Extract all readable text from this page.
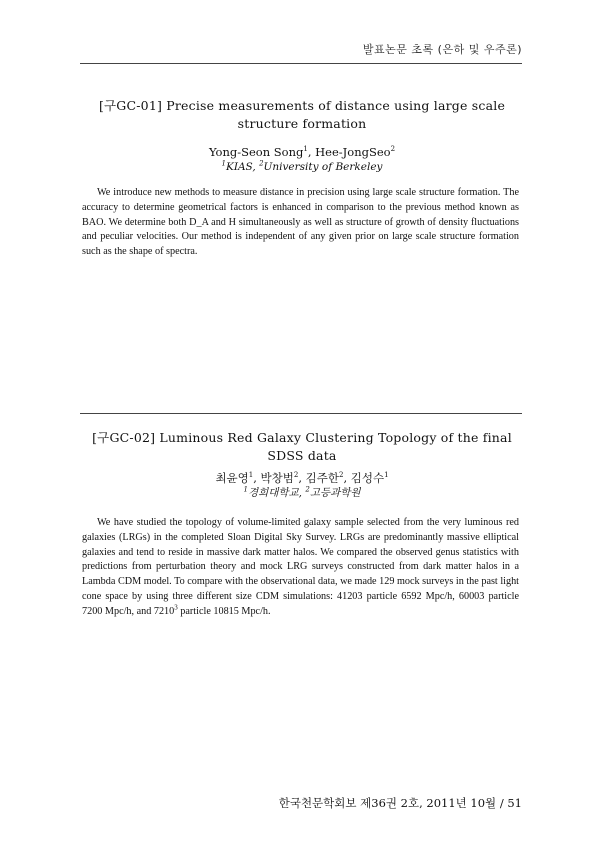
발표논문 초록 (은하 및 우주론)
[구GC-01] Precise measurements of distance using large scale structure formation
Yong-Seon Song$^1$, Hee-JongSeo$^2$
$^1$KIAS, $^2$University of Berkeley
We introduce new methods to measure distance in precision using large scale structure formation. The accuracy to determine geometrical factors is enhanced in comparison to the previous method known as BAO. We determine both D_A and H simultaneously as well as structure of growth of density fluctuations and peculiar velocities. Our method is independent of any given prior on large scale structure formation such as the shape of spectra.
[구GC-02] Luminous Red Galaxy Clustering Topology of the final SDSS data
최윤영$^1$, 박창범$^2$, 김주한$^2$, 김성수$^1$
$^1$경희대학교, $^2$고등과학원
We have studied the topology of volume-limited galaxy sample selected from the very luminous red galaxies (LRGs) in the completed Sloan Digital Sky Survey. LRGs are predominantly massive elliptical galaxies and tend to reside in massive dark matter halos. We compared the observed genus statistics with predictions from perturbation theory and mock LRG surveys constructed from dark matter halos in a Lambda CDM model. To compare with the observational data, we made 129 mock surveys in the past light cone space by using three different size CDM simulations: 41203 particle 6592 Mpc/h, 60003 particle 7200 Mpc/h, and 7210$^3$ particle 10815 Mpc/h.
한국천문학회보 제36권 2호, 2011년 10월 / 51
